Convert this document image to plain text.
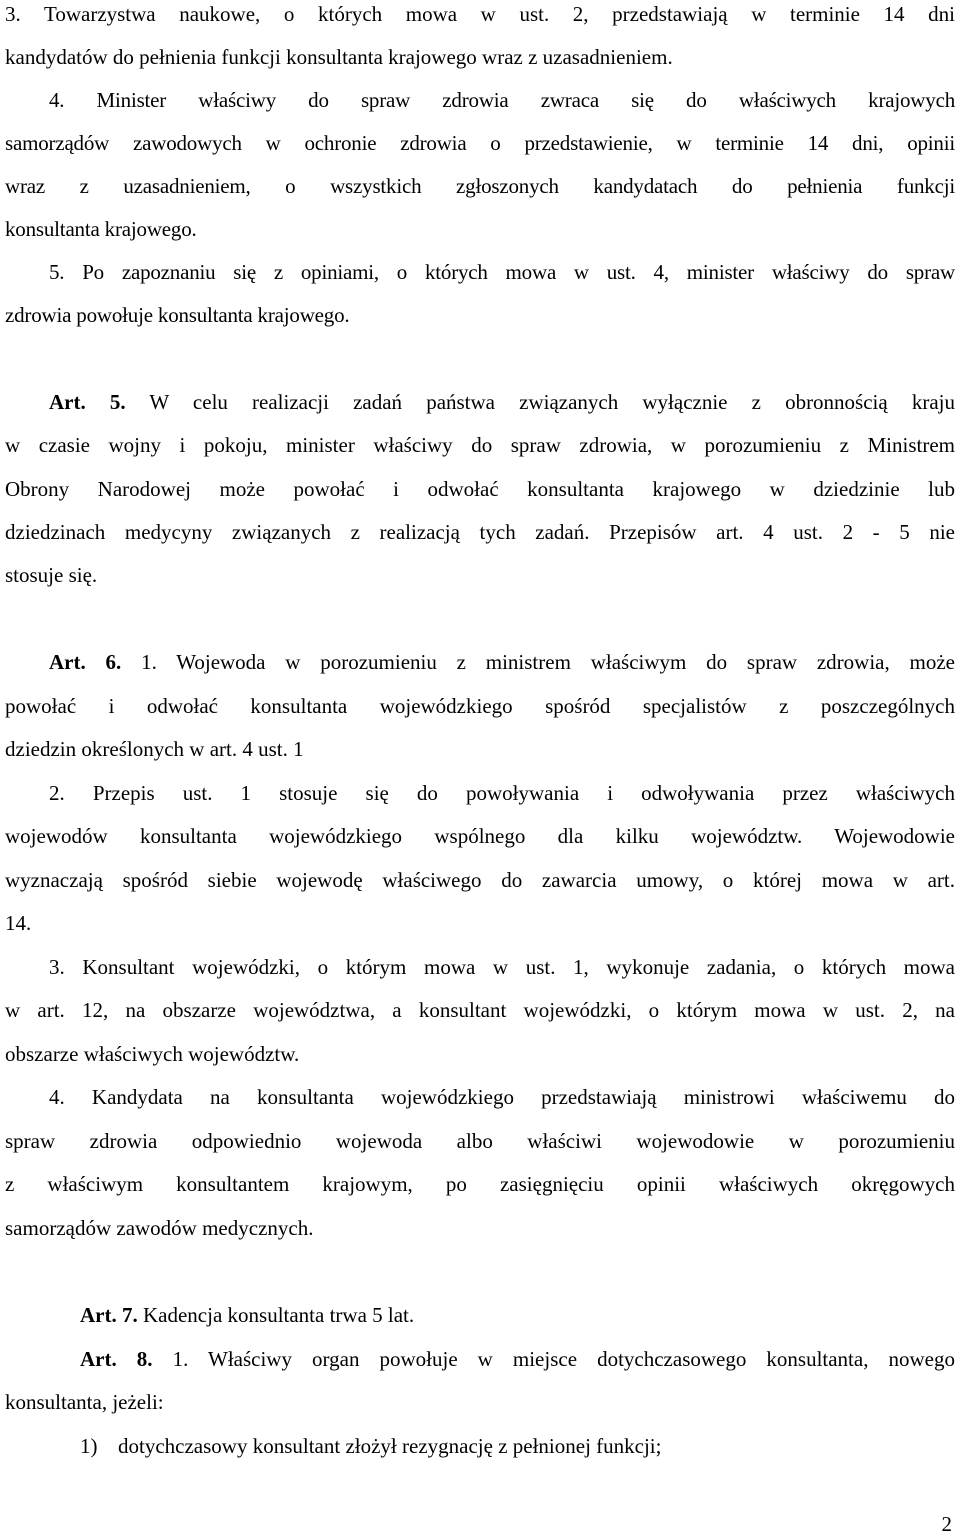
3. Towarzystwa naukowe, o których mowa w ust. 2, przedstawiają w terminie 14 dni
kandydatów do pełnienia funkcji konsultanta krajowego wraz z uzasadnieniem.
4. Minister właściwy do spraw zdrowia zwraca się do właściwych krajowych
samorządów zawodowych w ochronie zdrowia o przedstawienie, w terminie 14 dni, opinii
wraz z uzasadnieniem, o wszystkich zgłoszonych kandydatach do pełnienia funkcji
konsultanta krajowego.
5. Po zapoznaniu się z opiniami, o których mowa w ust. 4, minister właściwy do spraw
zdrowia powołuje konsultanta krajowego.
Art. 5. W celu realizacji zadań państwa związanych wyłącznie z obronnością kraju
w czasie wojny i pokoju, minister właściwy do spraw zdrowia, w porozumieniu z Ministrem
Obrony Narodowej może powołać i odwołać konsultanta krajowego w dziedzinie lub
dziedzinach medycyny związanych z realizacją tych zadań. Przepisów art. 4 ust. 2 - 5 nie
stosuje się.
Art. 6. 1. Wojewoda w porozumieniu z ministrem właściwym do spraw zdrowia, może
powołać i odwołać konsultanta wojewódzkiego spośród specjalistów z poszczególnych
dziedzin określonych w art. 4 ust. 1
2. Przepis ust. 1 stosuje się do powoływania i odwoływania przez właściwych
wojewodów konsultanta wojewódzkiego wspólnego dla kilku województw. Wojewodowie
wyznaczają spośród siebie wojewodę właściwego do zawarcia umowy, o której mowa w art.
14.
3. Konsultant wojewódzki, o którym mowa w ust. 1, wykonuje zadania, o których mowa
w art. 12, na obszarze województwa, a konsultant wojewódzki, o którym mowa w ust. 2, na
obszarze właściwych województw.
4. Kandydata na konsultanta wojewódzkiego przedstawiają ministrowi właściwemu do
spraw zdrowia odpowiednio wojewoda albo właściwi wojewodowie w porozumieniu
z właściwym konsultantem krajowym, po zasięgnięciu opinii właściwych okręgowych
samorządów zawodów medycznych.
Art. 7. Kadencja konsultanta trwa 5 lat.
Art. 8. 1. Właściwy organ powołuje w miejsce dotychczasowego konsultanta, nowego
konsultanta, jeżeli:
1) dotychczasowy konsultant złożył rezygnację z pełnionej funkcji;
2
